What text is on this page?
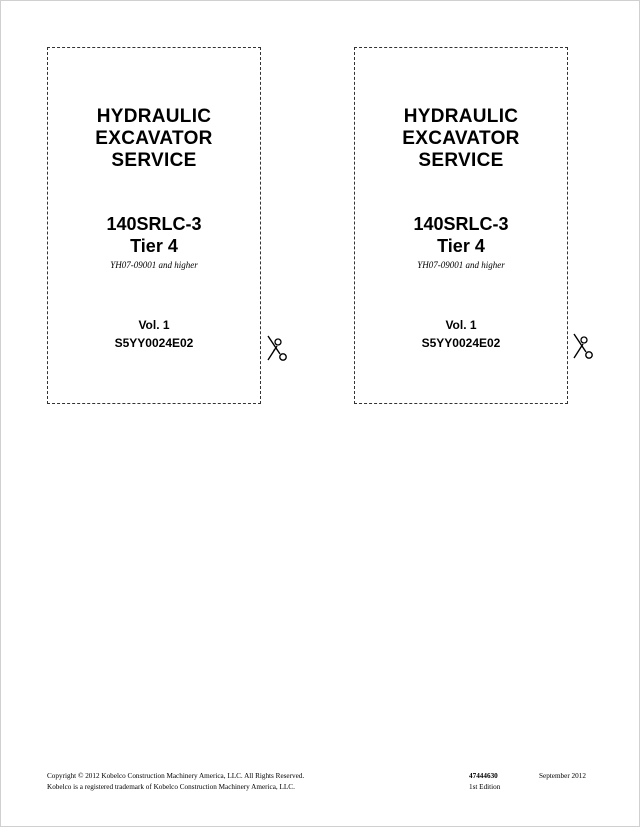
HYDRAULIC
EXCAVATOR
SERVICE
140SRLC-3
Tier 4
YH07-09001 and higher
Vol. 1
S5YY0024E02
HYDRAULIC
EXCAVATOR
SERVICE
140SRLC-3
Tier 4
YH07-09001 and higher
Vol. 1
S5YY0024E02
Copyright © 2012 Kobelco Construction Machinery America, LLC. All Rights Reserved.
Kobelco is a registered trademark of Kobelco Construction Machinery America, LLC.
47444630
1st Edition
September 2012
